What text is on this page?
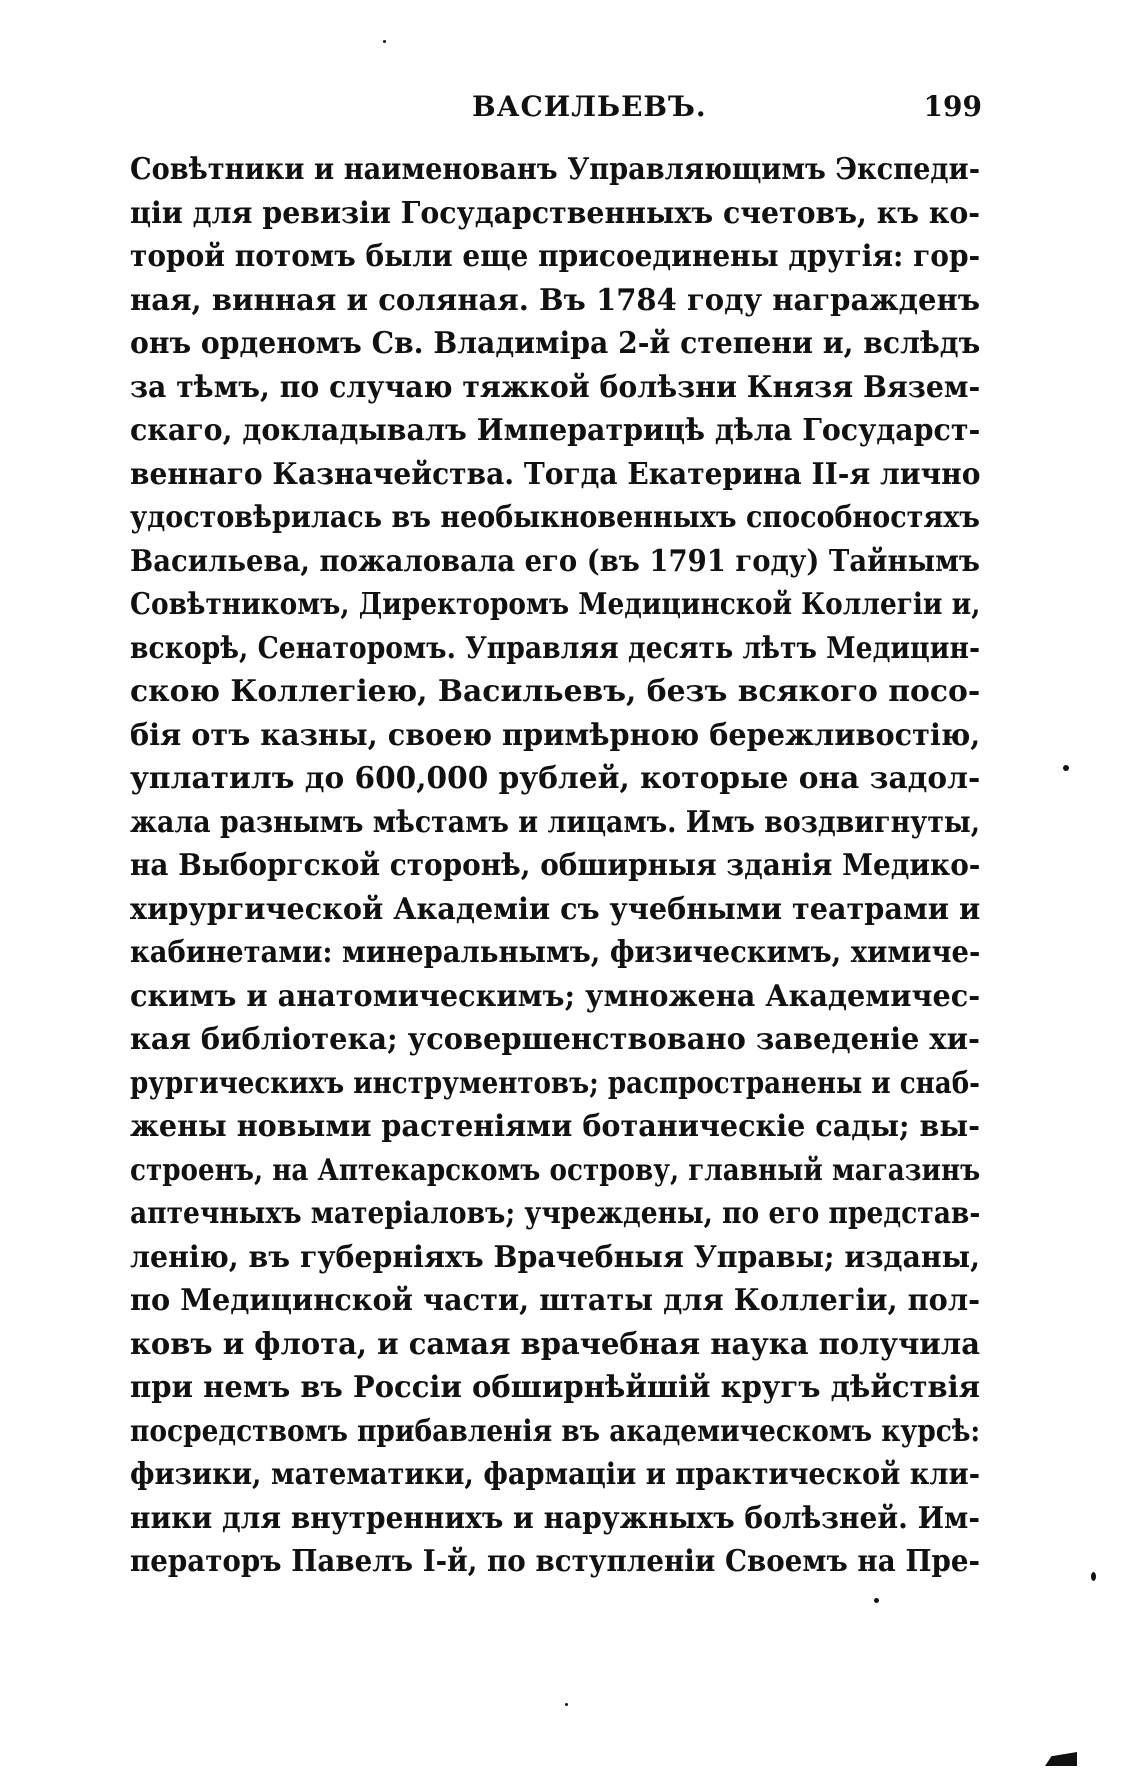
ВАСИЛЬЕВЪ.	199
Совѣтники и наименованъ Управляющимъ Экспеди-
ціи для ревизіи Государственныхъ счетовъ, къ ко-
торой потомъ были еще присоединены другія: гор-
ная, винная и соляная. Въ 1784 году награжденъ
онъ орденомъ Св. Владиміра 2-й степени и, вслѣдъ
за тѣмъ, по случаю тяжкой болѣзни Князя Вязем-
скаго, докладывалъ Императрицѣ дѣла Государст-
веннаго Казначейства. Тогда Екатерина II-я лично
удостовѣрилась въ необыкновенныхъ способностяхъ
Васильева, пожаловала его (въ 1791 году) Тайнымъ
Совѣтникомъ, Директоромъ Медицинской Коллегіи и,
вскорѣ, Сенаторомъ. Управляя десять лѣтъ Медицин-
скою Коллегіею, Васильевъ, безъ всякого посо-
бія отъ казны, своею примѣрною бережливостію,
уплатилъ до 600,000 рублей, которые она задол-
жала разнымъ мѣстамъ и лицамъ. Имъ воздвигнуты,
на Выборгской сторонѣ, обширныя зданія Медико-
хирургической Академіи съ учебными театрами и
кабинетами: минеральнымъ, физическимъ, химиче-
скимъ и анатомическимъ; умножена Академичес-
кая библіотека; усовершенствовано заведеніе хи-
рургическихъ инструментовъ; распространены и снаб-
жены новыми растеніями ботаническіе сады; вы-
строенъ, на Аптекарскомъ острову, главный магазинъ
аптечныхъ матеріаловъ; учреждены, по его представ-
ленію, въ губерніяхъ Врачебныя Управы; изданы,
по Медицинской части, штаты для Коллегіи, пол-
ковъ и флота, и самая врачебная наука получила
при немъ въ Россіи обширнѣйшій кругъ дѣйствія
посредствомъ прибавленія въ академическомъ курсѣ:
физики, математики, фармаціи и практической кли-
ники для внутреннихъ и наружныхъ болѣзней. Им-
ператоръ Павелъ I-й, по вступленіи Своемъ на Пре-
